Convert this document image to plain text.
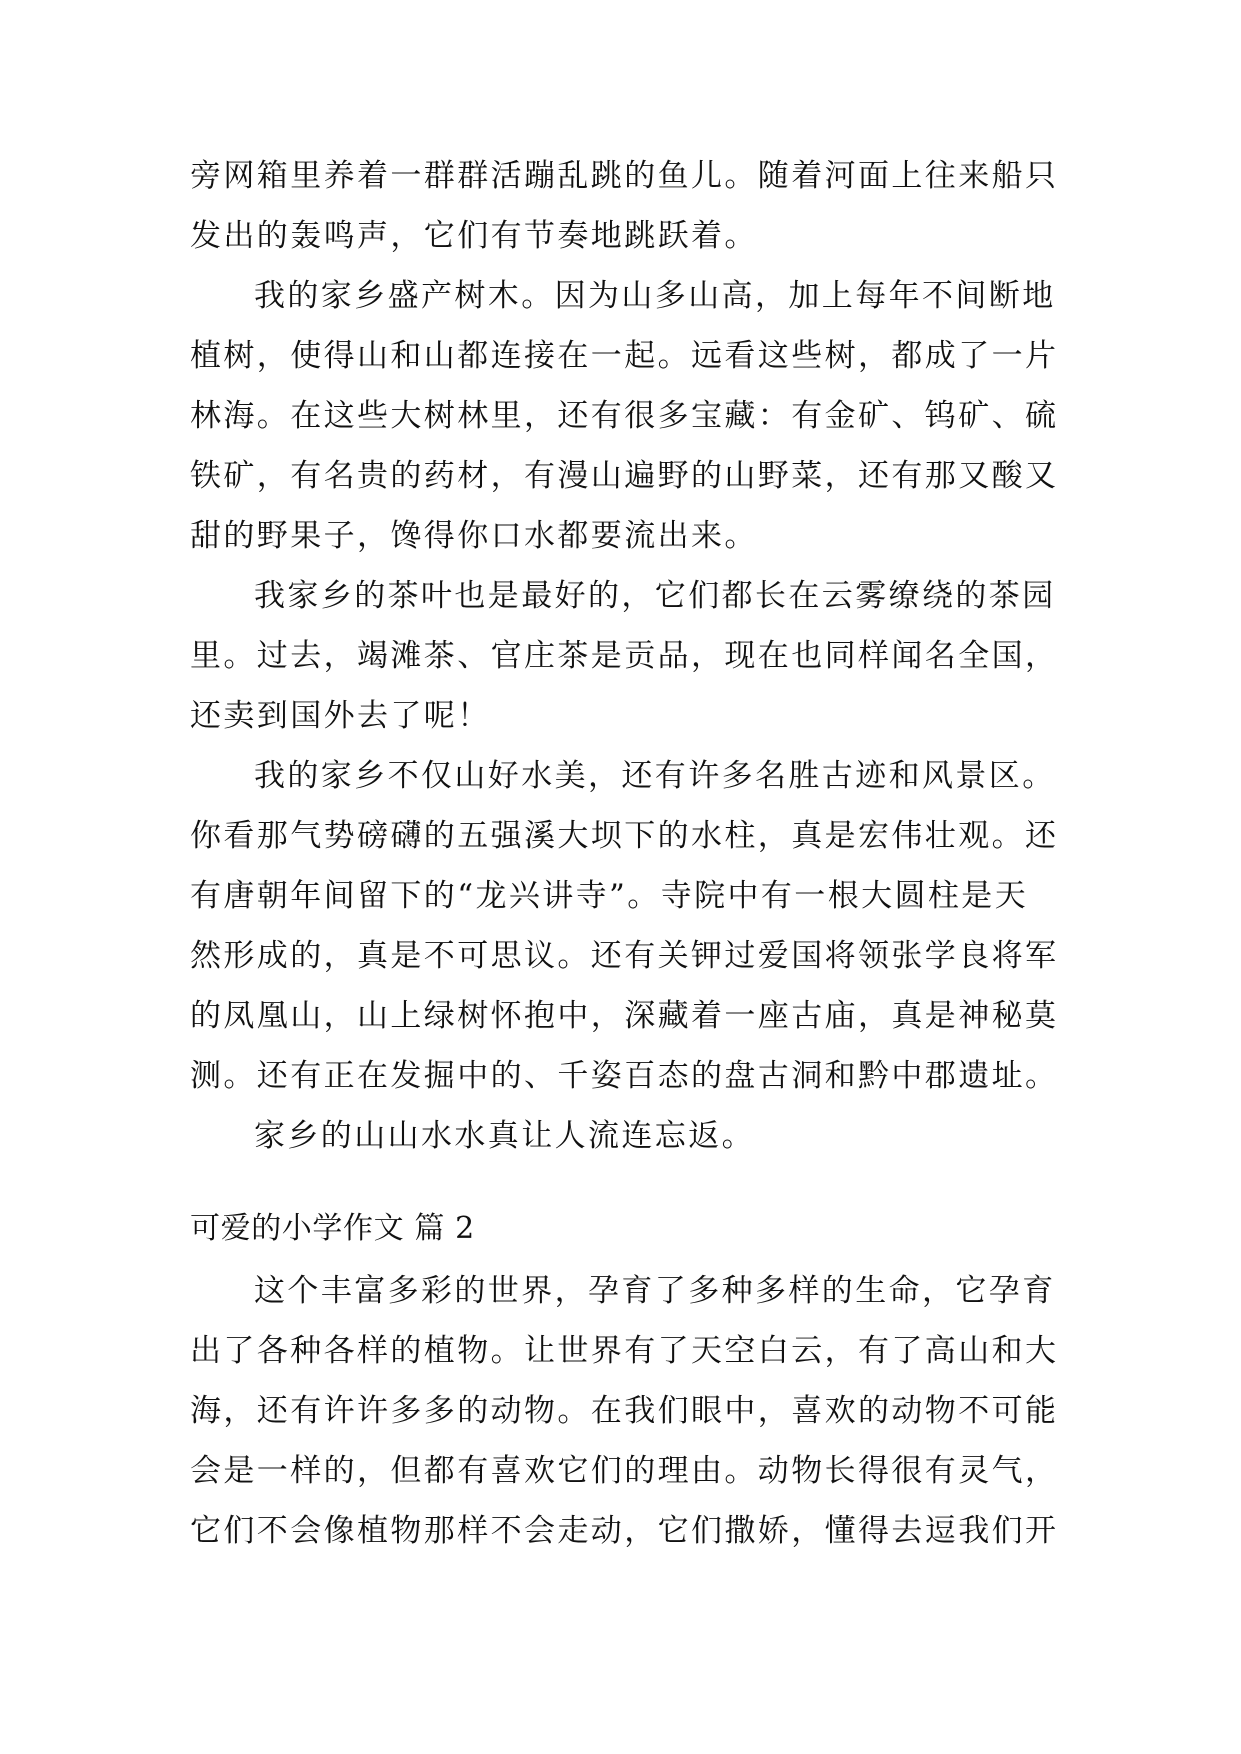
旁网箱里养着一群群活蹦乱跳的鱼儿。随着河面上往来船只
发出的轰鸣声，它们有节奏地跳跃着。
我的家乡盛产树木。因为山多山高，加上每年不间断地
植树，使得山和山都连接在一起。远看这些树，都成了一片
林海。在这些大树林里，还有很多宝藏：有金矿、钨矿、硫
铁矿，有名贵的药材，有漫山遍野的山野菜，还有那又酸又
甜的野果子，馋得你口水都要流出来。
我家乡的茶叶也是最好的，它们都长在云雾缭绕的茶园
里。过去，竭滩茶、官庄茶是贡品，现在也同样闻名全国，
还卖到国外去了呢！
我的家乡不仅山好水美，还有许多名胜古迹和风景区。
你看那气势磅礴的五强溪大坝下的水柱，真是宏伟壮观。还
有唐朝年间留下的“龙兴讲寺”。寺院中有一根大圆柱是天
然形成的，真是不可思议。还有关钾过爱国将领张学良将军
的凤凰山，山上绿树怀抱中，深藏着一座古庙，真是神秘莫
测。还有正在发掘中的、千姿百态的盘古洞和黔中郡遗址。
家乡的山山水水真让人流连忘返。
可爱的小学作文 篇 2
这个丰富多彩的世界，孕育了多种多样的生命，它孕育
出了各种各样的植物。让世界有了天空白云，有了高山和大
海，还有许许多多的动物。在我们眼中，喜欢的动物不可能
会是一样的，但都有喜欢它们的理由。动物长得很有灵气，
它们不会像植物那样不会走动，它们撒娇，懂得去逗我们开
